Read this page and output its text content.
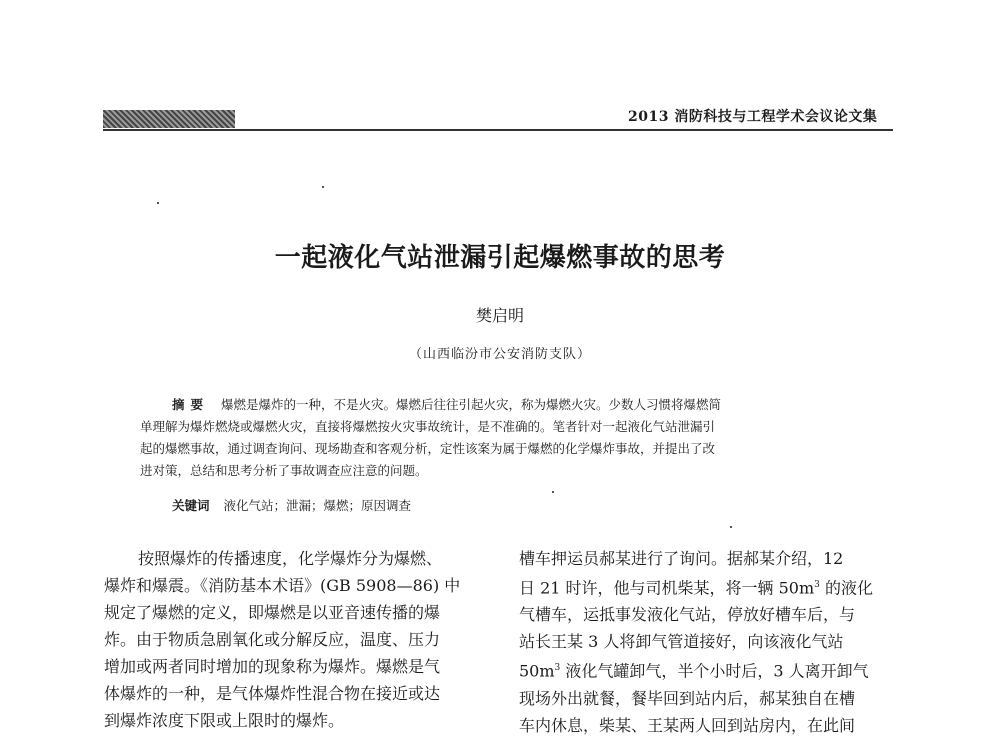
2013 消防科技与工程学术会议论文集
一起液化气站泄漏引起爆燃事故的思考
樊启明
（山西临汾市公安消防支队）
摘要 爆燃是爆炸的一种，不是火灾。爆燃后往往引起火灾，称为爆燃火灾。少数人习惯将爆燃简
单理解为爆炸燃烧或爆燃火灾，直接将爆燃按火灾事故统计，是不准确的。笔者针对一起液化气站泄漏引
起的爆燃事故，通过调查询问、现场勘查和客观分析，定性该案为属于爆燃的化学爆炸事故，并提出了改
进对策，总结和思考分析了事故调查应注意的问题。
关键词 液化气站；泄漏；爆燃；原因调查
按照爆炸的传播速度，化学爆炸分为爆燃、
爆炸和爆震。《消防基本术语》(GB 5908—86) 中
规定了爆燃的定义，即爆燃是以亚音速传播的爆
炸。由于物质急剧氧化或分解反应，温度、压力
增加或两者同时增加的现象称为爆炸。爆燃是气
体爆炸的一种，是气体爆炸性混合物在接近或达
到爆炸浓度下限或上限时的爆炸。
槽车押运员郝某进行了询问。据郝某介绍，12
日 21 时许，他与司机柴某，将一辆 $50m^3$ 的液化
气槽车，运抵事发液化气站，停放好槽车后，与
站长王某 3 人将卸气管道接好，向该液化气站
$50m^3$ 液化气罐卸气，半个小时后，3 人离开卸气
现场外出就餐，餐毕回到站内后，郝某独自在槽
车内休息，柴某、王某两人回到站房内，在此间
